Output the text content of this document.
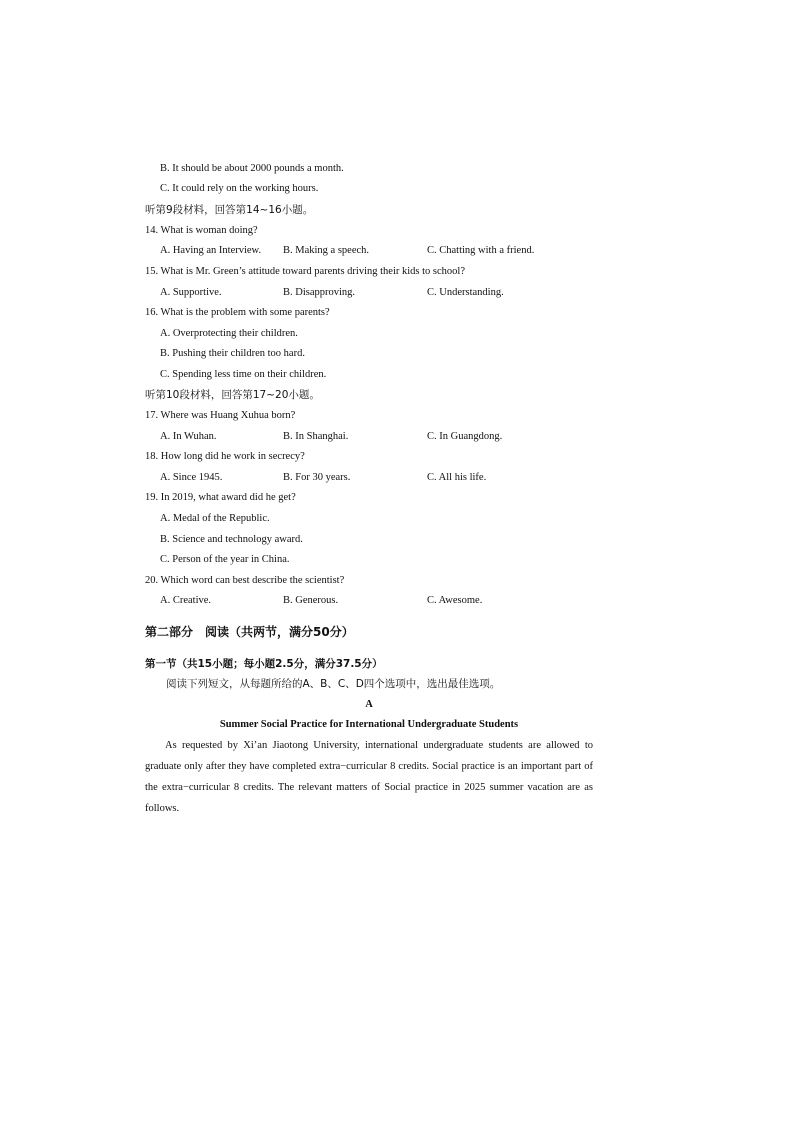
B. It should be about 2000 pounds a month.
C. It could rely on the working hours.
听第9段材料，回答第14~16小题。
14. What is woman doing?
A. Having an Interview. B. Making a speech.	C. Chatting with a friend.
15. What is Mr. Green’s attitude toward parents driving their kids to school?
A. Supportive.	B. Disapproving.	C. Understanding.
16. What is the problem with some parents?
A. Overprotecting their children.
B. Pushing their children too hard.
C. Spending less time on their children.
听第10段材料，回答第17~20小题。
17. Where was Huang Xuhua born?
A. In Wuhan.	B. In Shanghai.	C. In Guangdong.
18. How long did he work in secrecy?
A. Since 1945.	B. For 30 years.	C. All his life.
19. In 2019, what award did he get?
A. Medal of the Republic.
B. Science and technology award.
C. Person of the year in China.
20. Which word can best describe the scientist?
A. Creative.	B. Generous.	C. Awesome.
第二部分　阅读（共两节，满分50分）
第一节（共15小题；每小题2.5分，满分37.5分）
阅读下列短文，从每题所给的A、B、C、D四个选项中，选出最佳选项。
A
Summer Social Practice for International Undergraduate Students
As requested by Xi’an Jiaotong University, international undergraduate students are allowed to graduate only after they have completed extra−curricular 8 credits. Social practice is an important part of the extra−curricular 8 credits. The relevant matters of Social practice in 2025 summer vacation are as follows.
